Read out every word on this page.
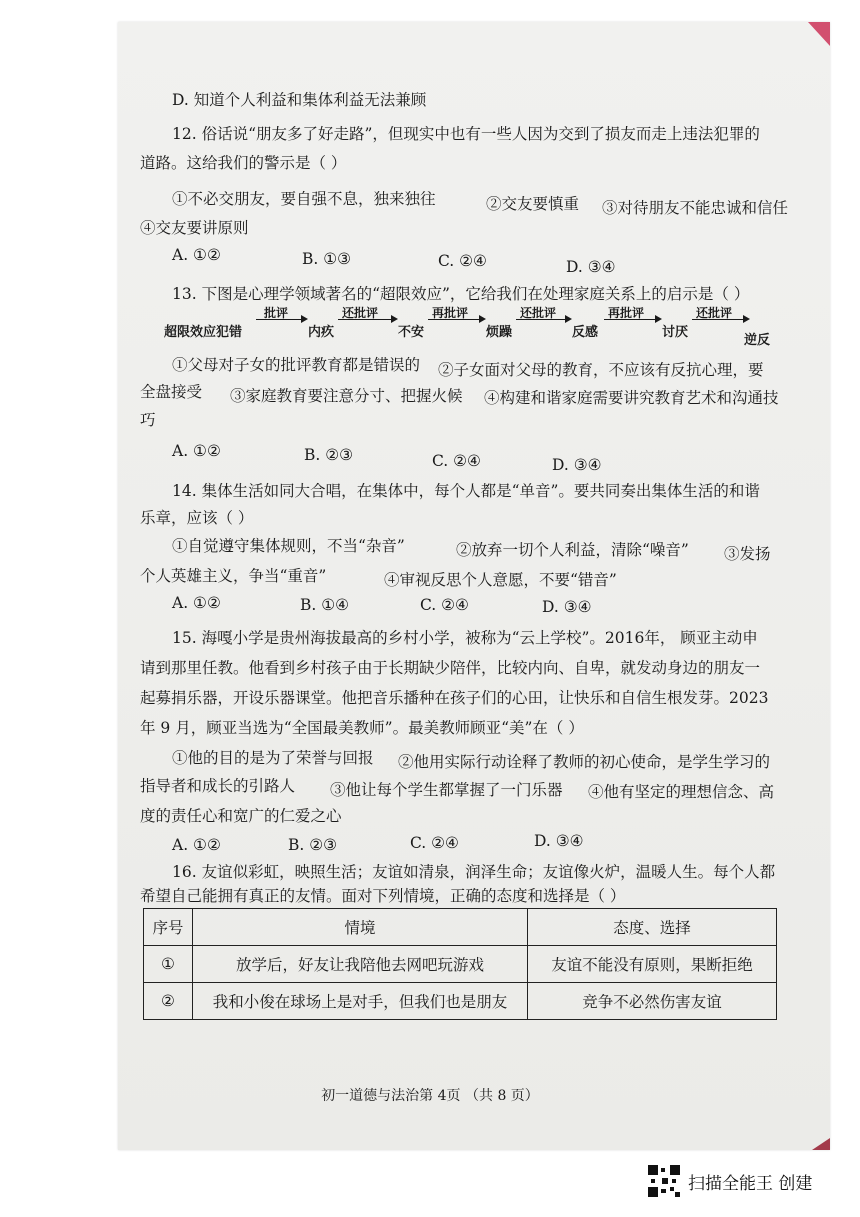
D. 知道个人利益和集体利益无法兼顾
12. 俗话说“朋友多了好走路”，但现实中也有一些人因为交到了损友而走上违法犯罪的
道路。这给我们的警示是（ ）
①不必交朋友，要自强不息，独来独往	②交友要慎重 ③对待朋友不能忠诚和信任
④交友要讲原则
A. ①②	B. ①③	C. ②④	D. ③④
13. 下图是心理学领域著名的“超限效应”，它给我们在处理家庭关系上的启示是（ ）
超限效应犯错
批评
内疚
还批评
不安
再批评
烦躁
还批评
反感
再批评
讨厌
还批评
逆反
①父母对子女的批评教育都是错误的 ②子女面对父母的教育，不应该有反抗心理，要
全盘接受 ③家庭教育要注意分寸、把握火候 ④构建和谐家庭需要讲究教育艺术和沟通技
巧
A. ①②	B. ②③	C. ②④	D. ③④
14. 集体生活如同大合唱，在集体中，每个人都是“单音”。要共同奏出集体生活的和谐
乐章，应该（ ）
①自觉遵守集体规则，不当“杂音”	②放弃一切个人利益，清除“噪音” ③发扬
个人英雄主义，争当“重音”	④审视反思个人意愿，不要“错音”
A. ①②	B. ①④	C. ②④	D. ③④
15. 海嘎小学是贵州海拔最高的乡村小学，被称为“云上学校”。2016年， 顾亚主动申
请到那里任教。他看到乡村孩子由于长期缺少陪伴，比较内向、自卑，就发动身边的朋友一
起募捐乐器，开设乐器课堂。他把音乐播种在孩子们的心田，让快乐和自信生根发芽。2023
年 9 月，顾亚当选为“全国最美教师”。最美教师顾亚“美”在（ ）
①他的目的是为了荣誉与回报 ②他用实际行动诠释了教师的初心使命，是学生学习的
指导者和成长的引路人 ③他让每个学生都掌握了一门乐器 ④他有坚定的理想信念、高
度的责任心和宽广的仁爱之心
A. ①②	B. ②③	C. ②④	D. ③④
16. 友谊似彩虹，映照生活；友谊如清泉，润泽生命；友谊像火炉，温暖人生。每个人都
希望自己能拥有真正的友情。面对下列情境，正确的态度和选择是（ ）
序号	情境	态度、选择
①	放学后，好友让我陪他去网吧玩游戏	友谊不能没有原则，果断拒绝
②	我和小俊在球场上是对手，但我们也是朋友	竞争不必然伤害友谊
初一道德与法治第 4页 （共 8 页）
扫描全能王 创建
